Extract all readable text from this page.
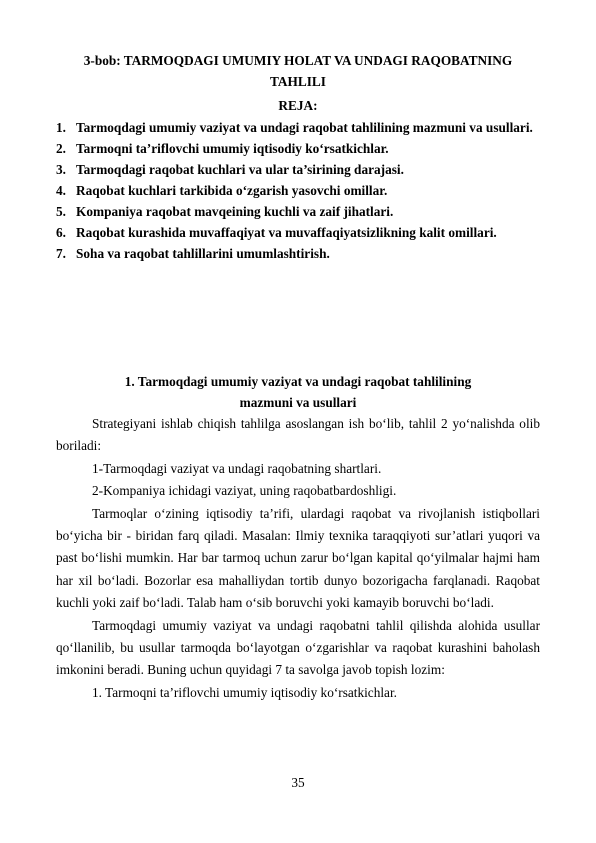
3-bob: TARMOQDAGI UMUMIY HOLAT VA UNDAGI RAQOBATNING
TAHLILI
REJA:
1. Tarmoqdagi umumiy vaziyat va undagi raqobat tahlilining mazmuni va usullari.
2. Tarmoqni ta’riflovchi umumiy iqtisodiy ko‘rsatkichlar.
3. Tarmoqdagi raqobat kuchlari va ular ta’sirining darajasi.
4. Raqobat kuchlari tarkibida o‘zgarish yasovchi omillar.
5. Kompaniya raqobat mavqeining kuchli va zaif jihatlari.
6. Raqobat kurashida muvaffaqiyat va muvaffaqiyatsizlikning kalit omillari.
7. Soha va raqobat tahlillarini umumlashtirish.
1. Tarmoqdagi umumiy vaziyat va undagi raqobat tahlilining
mazmuni va usullari

Strategiyani ishlab chiqish tahlilga asoslangan ish bo‘lib, tahlil 2 yo‘nalishda olib boriladi:

1-Tarmoqdagi vaziyat va undagi raqobatning shartlari.

2-Kompaniya ichidagi vaziyat, uning raqobatbardoshligi.

Tarmoqlar o‘zining iqtisodiy ta’rifi, ulardagi raqobat va rivojlanish istiqbollari bo‘yicha bir - biridan farq qiladi. Masalan: Ilmiy texnika taraqqiyoti sur’atlari yuqori va past bo‘lishi mumkin. Har bar tarmoq uchun zarur bo‘lgan kapital qo‘yilmalar hajmi ham har xil bo‘ladi. Bozorlar esa mahalliydan tortib dunyo bozorigacha farqlanadi. Raqobat kuchli yoki zaif bo‘ladi. Talab ham o‘sib boruvchi yoki kamayib boruvchi bo‘ladi.

Tarmoqdagi umumiy vaziyat va undagi raqobatni tahlil qilishda alohida usullar qo‘llanilib, bu usullar tarmoqda bo‘layotgan o‘zgarishlar va raqobat kurashini baholash imkonini beradi. Buning uchun quyidagi 7 ta savolga javob topish lozim:

1. Tarmoqni ta’riflovchi umumiy iqtisodiy ko‘rsatkichlar.

35
